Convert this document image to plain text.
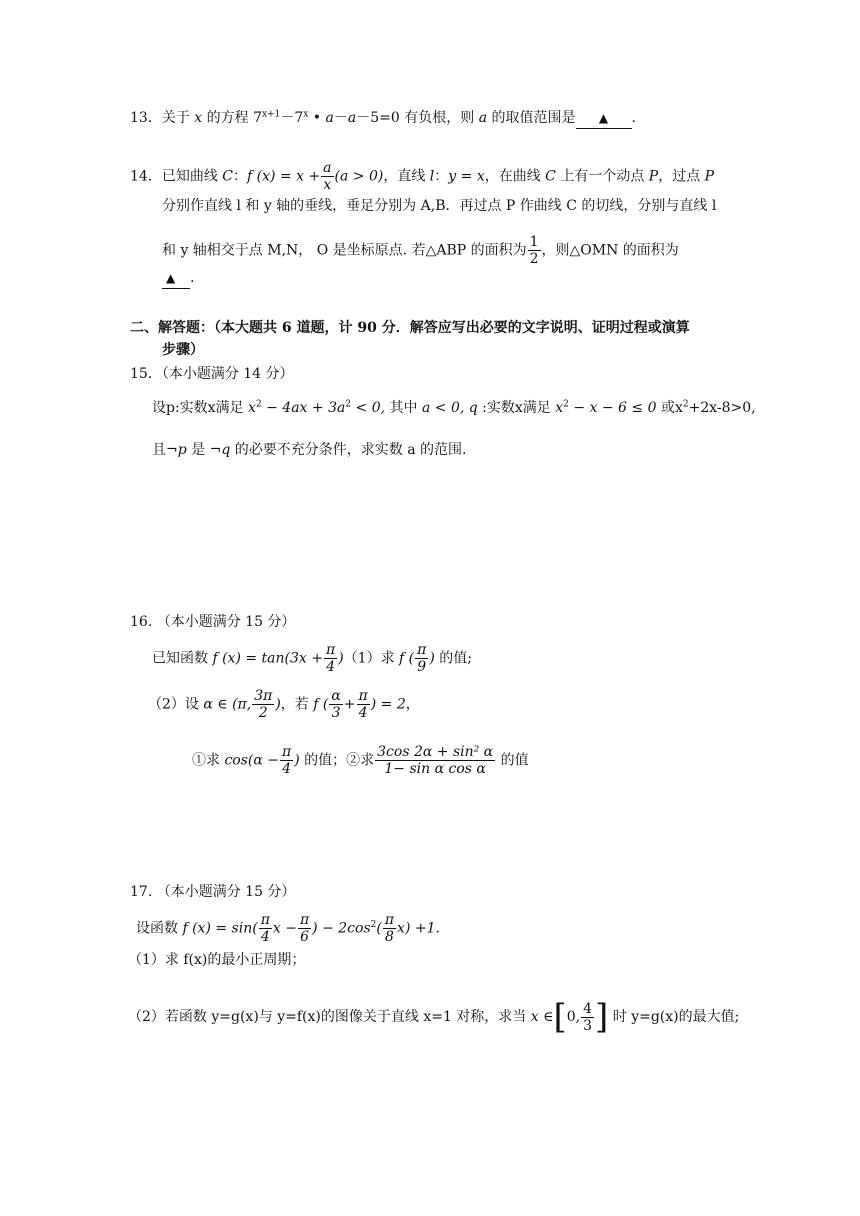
13．关于 x 的方程 $7^{x+1}-7^x$ • a－a－5=0 有负根，则 a 的取值范围是 ▲ .
14．已知曲线 C：f $(x) = x + \frac{a}{x} (a > 0)$，直线 l：y = x，在曲线 C 上有一个动点 P，过点 P
分别作直线 l 和 y 轴的垂线，垂足分别为 A,B．再过点 P 作曲线 C 的切线，分别与直线 l
和 y 轴相交于点 M,N， O 是坐标原点. 若△ABP 的面积为 $\frac{1}{2}$ ，则△OMN 的面积为
▲ .
二、解答题：（本大题共 6 道题，计 90 分．解答应写出必要的文字说明、证明过程或演算
步骤）
15．（本小题满分 14 分）
设p:实数x满足 $x^2 - 4ax + 3a^2 < 0$, 其中 a < 0, q :实数x满足 $x^2 - x - 6 \le 0$ 或$x^2+2x-8>0$,
且¬p 是 ¬q 的必要不充分条件，求实数 a 的范围.
16. （本小题满分 15 分）
已知函数 f $(x) = \tan(3x + \frac{\pi}{4} )(1)$求 f ( $\frac{\pi}{9}$ ) 的值;
（2）设 α ∈ (π, $\frac{3\pi}{2}$ )，若 f ( $\frac{\alpha}{3} + \frac{\pi}{4}$ ) = 2，
①求 $\cos(\alpha - \frac{\pi}{4}$ ) 的值；②求 $\frac{\text{3cos 2α + sin² α}}{\text{1− sin α cos α}}$ 的值
17. （本小题满分 15 分）
设函数 f $(x) = \sin( \frac{\pi}{4}$ $x - \frac{\pi}{6}$ ) − $2\cos^2( \frac{\pi}{8} x) +1$.
（1）求 f(x)的最小正周期；
（2）若函数 y=g(x)与 y=f(x)的图像关于直线 x=1 对称，求当 x ∈[0, $\frac{4}{3}$ ] 时 y=g(x)的最大值;
